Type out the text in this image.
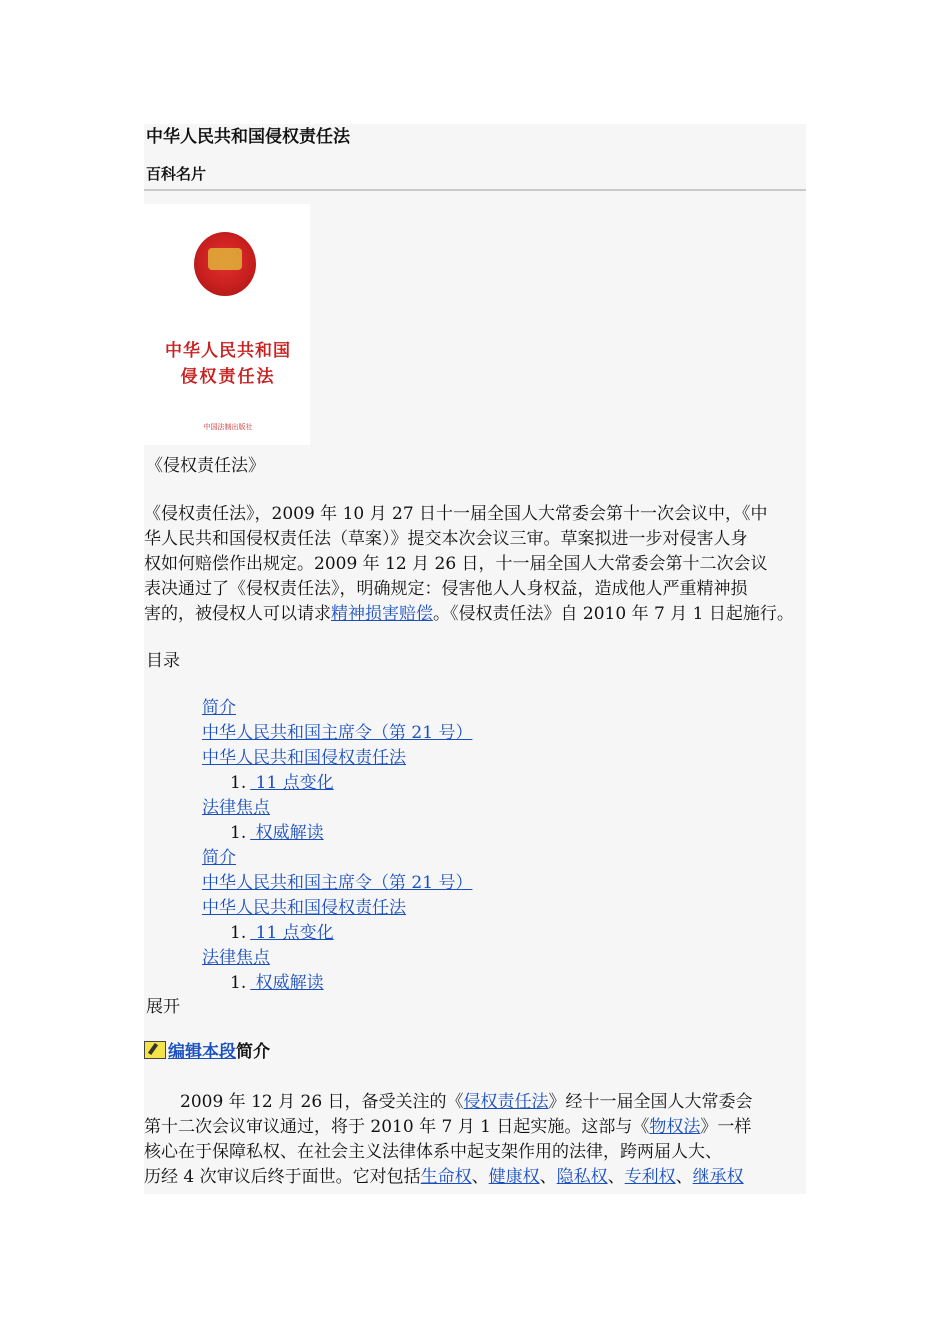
中华人民共和国侵权责任法
百科名片
中华人民共和国
侵权责任法
中国法制出版社
《侵权责任法》
《侵权责任法》，2009 年 10 月 27 日十一届全国人大常委会第十一次会议中，《中
华人民共和国侵权责任法（草案）》提交本次会议三审。草案拟进一步对侵害人身
权如何赔偿作出规定。2009 年 12 月 26 日，十一届全国人大常委会第十二次会议
表决通过了《侵权责任法》，明确规定：侵害他人人身权益，造成他人严重精神损
害的，被侵权人可以请求精神损害赔偿。《侵权责任法》自 2010 年 7 月 1 日起施行。
目录
简介
中华人民共和国主席令（第 21 号）
中华人民共和国侵权责任法
1. 11 点变化
法律焦点
1. 权威解读
简介
中华人民共和国主席令（第 21 号）
中华人民共和国侵权责任法
1. 11 点变化
法律焦点
1. 权威解读
展开
编辑本段简介
2009 年 12 月 26 日，备受关注的《侵权责任法》经十一届全国人大常委会
第十二次会议审议通过，将于 2010 年 7 月 1 日起实施。这部与《物权法》一样
核心在于保障私权、在社会主义法律体系中起支架作用的法律，跨两届人大、
历经 4 次审议后终于面世。它对包括生命权、健康权、隐私权、专利权、继承权
